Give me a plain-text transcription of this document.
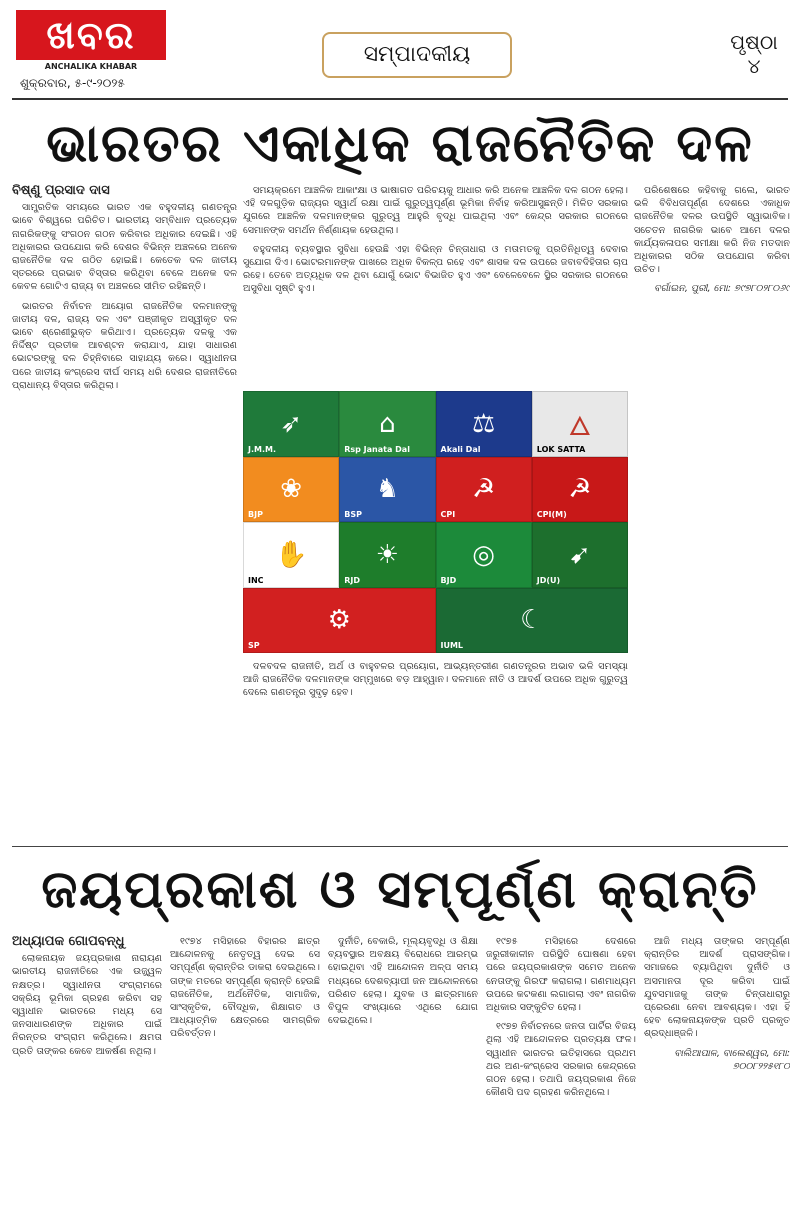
ଖବର
ANCHALIKA KHABAR
ଶୁକ୍ରବାର, ୫-୯-୨୦୨୫
ସମ୍ପାଦକୀୟ	ପୃଷ୍ଠା
୪
ଭାରତର ଏକାଧିକ ରାଜନୈତିକ ଦଳ
ବିଷ୍ଣୁ ପ୍ରସାଦ ଦାସ

ସାମ୍ପ୍ରତିକ ସମୟରେ ଭାରତ ଏକ ବହୁଦଳୀୟ ଗଣତନ୍ତ୍ର ଭାବେ ବିଶ୍ୱରେ ପରିଚିତ। ଭାରତୀୟ ସମ୍ବିଧାନ ପ୍ରତ୍ୟେକ ନାଗରିକଙ୍କୁ ସଂଗଠନ ଗଠନ କରିବାର ଅଧିକାର ଦେଇଛି। ଏହି ଅଧିକାରର ଉପଯୋଗ କରି ଦେଶର ବିଭିନ୍ନ ଅଞ୍ଚଳରେ ଅନେକ ରାଜନୈତିକ ଦଳ ଗଠିତ ହୋଇଛି। କେତେକ ଦଳ ଜାତୀୟ ସ୍ତରରେ ପ୍ରଭାବ ବିସ୍ତାର କରିଥିବା ବେଳେ ଅନେକ ଦଳ କେବଳ ଗୋଟିଏ ରାଜ୍ୟ ବା ଅଞ୍ଚଳରେ ସୀମିତ ରହିଛନ୍ତି।

ଭାରତର ନିର୍ବାଚନ ଆୟୋଗ ରାଜନୈତିକ ଦଳମାନଙ୍କୁ ଜାତୀୟ ଦଳ, ରାଜ୍ୟ ଦଳ ଏବଂ ପଞ୍ଜୀକୃତ ଅସ୍ୱୀକୃତ ଦଳ ଭାବେ ଶ୍ରେଣୀଭୁକ୍ତ କରିଥାଏ। ପ୍ରତ୍ୟେକ ଦଳକୁ ଏକ ନିର୍ଦ୍ଦିଷ୍ଟ ପ୍ରତୀକ ଆବଣ୍ଟନ କରାଯାଏ, ଯାହା ସାଧାରଣ ଭୋଟରଙ୍କୁ ଦଳ ଚିହ୍ନିବାରେ ସାହାଯ୍ୟ କରେ। ସ୍ୱାଧୀନତା ପରେ ଜାତୀୟ କଂଗ୍ରେସ ଦୀର୍ଘ ସମୟ ଧରି ଦେଶର ରାଜନୀତିରେ ପ୍ରାଧାନ୍ୟ ବିସ୍ତାର କରିଥିଲା।

ସମୟକ୍ରମେ ଆଞ୍ଚଳିକ ଆକାଂକ୍ଷା ଓ ଭାଷାଗତ ପରିଚୟକୁ ଆଧାର କରି ଅନେକ ଆଞ୍ଚଳିକ ଦଳ ଗଠନ ହେଲା। ଏହି ଦଳଗୁଡ଼ିକ ରାଜ୍ୟର ସ୍ୱାର୍ଥ ରକ୍ଷା ପାଇଁ ଗୁରୁତ୍ୱପୂର୍ଣ୍ଣ ଭୂମିକା ନିର୍ବାହ କରିଆସୁଛନ୍ତି। ମିଳିତ ସରକାର ଯୁଗରେ ଆଞ୍ଚଳିକ ଦଳମାନଙ୍କର ଗୁରୁତ୍ୱ ଆହୁରି ବୃଦ୍ଧି ପାଇଥିଲା ଏବଂ କେନ୍ଦ୍ର ସରକାର ଗଠନରେ ସେମାନଙ୍କ ସମର୍ଥନ ନିର୍ଣ୍ଣାୟକ ହେଉଥିଲା।

ବହୁଦଳୀୟ ବ୍ୟବସ୍ଥାର ସୁବିଧା ହେଉଛି ଏହା ବିଭିନ୍ନ ଚିନ୍ତାଧାରା ଓ ମତାମତକୁ ପ୍ରତିନିଧିତ୍ୱ ଦେବାର ସୁଯୋଗ ଦିଏ। ଭୋଟରମାନଙ୍କ ପାଖରେ ଅଧିକ ବିକଳ୍ପ ରହେ ଏବଂ ଶାସକ ଦଳ ଉପରେ ଜବାବଦିହିତାର ଚାପ ରହେ। ତେବେ ଅତ୍ୟଧିକ ଦଳ ଥିବା ଯୋଗୁଁ ଭୋଟ ବିଭାଜିତ ହୁଏ ଏବଂ ବେଳେବେଳେ ସ୍ଥିର ସରକାର ଗଠନରେ ଅସୁବିଧା ସୃଷ୍ଟି ହୁଏ।

➶
J.M.M.
⌂
Rsp Janata Dal
⚖
Akali Dal
🜂
LOK SATTA
❀
BJP
♞
BSP
☭
CPI
☭
CPI(M)
✋
INC
☀
RJD
◎
BJD
➹
JD(U)
⚙
SP
☾
IUML

ଦଳବଦଳ ରାଜନୀତି, ଅର୍ଥ ଓ ବାହୁବଳର ପ୍ରୟୋଗ, ଆଭ୍ୟନ୍ତରୀଣ ଗଣତନ୍ତ୍ରର ଅଭାବ ଭଳି ସମସ୍ୟା ଆଜି ରାଜନୈତିକ ଦଳମାନଙ୍କ ସମ୍ମୁଖରେ ବଡ଼ ଆହ୍ୱାନ। ଦଳମାନେ ନୀତି ଓ ଆଦର୍ଶ ଉପରେ ଅଧିକ ଗୁରୁତ୍ୱ ଦେଲେ ଗଣତନ୍ତ୍ର ସୁଦୃଢ଼ ହେବ।

ପରିଶେଷରେ କହିବାକୁ ଗଲେ, ଭାରତ ଭଳି ବିବିଧତାପୂର୍ଣ୍ଣ ଦେଶରେ ଏକାଧିକ ରାଜନୈତିକ ଦଳର ଉପସ୍ଥିତି ସ୍ୱାଭାବିକ। ସଚେତନ ନାଗରିକ ଭାବେ ଆମେ ଦଳର କାର୍ଯ୍ୟକଳାପର ସମୀକ୍ଷା କରି ନିଜ ମତଦାନ ଅଧିକାରର ସଠିକ ଉପଯୋଗ କରିବା ଉଚିତ।

ବର୍ଗାଇନ, ପୁରୀ, ମୋ: ୭୯୭୮୦୨୮୦୬୯
ଜୟପ୍ରକାଶ ଓ ସମ୍ପୂର୍ଣ୍ଣ କ୍ରାନ୍ତି
ଅଧ୍ୟାପକ ଗୋପବନ୍ଧୁ

ଲୋକନାୟକ ଜୟପ୍ରକାଶ ନାରାୟଣ ଭାରତୀୟ ରାଜନୀତିରେ ଏକ ଉଜ୍ଜ୍ୱଳ ନକ୍ଷତ୍ର। ସ୍ୱାଧୀନତା ସଂଗ୍ରାମରେ ସକ୍ରିୟ ଭୂମିକା ଗ୍ରହଣ କରିବା ସହ ସ୍ୱାଧୀନ ଭାରତରେ ମଧ୍ୟ ସେ ଜନସାଧାରଣଙ୍କ ଅଧିକାର ପାଇଁ ନିରନ୍ତର ସଂଗ୍ରାମ କରିଥିଲେ। କ୍ଷମତା ପ୍ରତି ତାଙ୍କର କେବେ ଆକର୍ଷଣ ନଥିଲା।

୧୯୭୪ ମସିହାରେ ବିହାରର ଛାତ୍ର ଆନ୍ଦୋଳନକୁ ନେତୃତ୍ୱ ଦେଇ ସେ ସମ୍ପୂର୍ଣ୍ଣ କ୍ରାନ୍ତିର ଡାକରା ଦେଇଥିଲେ। ତାଙ୍କ ମତରେ ସମ୍ପୂର୍ଣ୍ଣ କ୍ରାନ୍ତି ହେଉଛି ରାଜନୈତିକ, ଅର୍ଥନୈତିକ, ସାମାଜିକ, ସାଂସ୍କୃତିକ, ବୌଦ୍ଧିକ, ଶିକ୍ଷାଗତ ଓ ଆଧ୍ୟାତ୍ମିକ କ୍ଷେତ୍ରରେ ସାମଗ୍ରିକ ପରିବର୍ତ୍ତନ।

ଦୁର୍ନୀତି, ବେକାରି, ମୂଲ୍ୟବୃଦ୍ଧି ଓ ଶିକ୍ଷା ବ୍ୟବସ୍ଥାର ଅବକ୍ଷୟ ବିରୋଧରେ ଆରମ୍ଭ ହୋଇଥିବା ଏହି ଆନ୍ଦୋଳନ ଅଳ୍ପ ସମୟ ମଧ୍ୟରେ ଦେଶବ୍ୟାପୀ ଜନ ଆନ୍ଦୋଳନରେ ପରିଣତ ହେଲା। ଯୁବକ ଓ ଛାତ୍ରମାନେ ବିପୁଳ ସଂଖ୍ୟାରେ ଏଥିରେ ଯୋଗ ଦେଇଥିଲେ।

୧୯୭୫ ମସିହାରେ ଦେଶରେ ଜରୁରୀକାଳୀନ ପରିସ୍ଥିତି ଘୋଷଣା ହେବା ପରେ ଜୟପ୍ରକାଶଙ୍କ ସମେତ ଅନେକ ନେତାଙ୍କୁ ଗିରଫ କରାଗଲା। ଗଣମାଧ୍ୟମ ଉପରେ କଟକଣା ଲଗାଗଲା ଏବଂ ନାଗରିକ ଅଧିକାର ସଙ୍କୁଚିତ ହେଲା।

୧୯୭୭ ନିର୍ବାଚନରେ ଜନତା ପାର୍ଟିର ବିଜୟ ଥିଲା ଏହି ଆନ୍ଦୋଳନର ପ୍ରତ୍ୟକ୍ଷ ଫଳ। ସ୍ୱାଧୀନ ଭାରତର ଇତିହାସରେ ପ୍ରଥମ ଥର ଅଣ-କଂଗ୍ରେସ ସରକାର କେନ୍ଦ୍ରରେ ଗଠନ ହେଲା। ତଥାପି ଜୟପ୍ରକାଶ ନିଜେ କୌଣସି ପଦ ଗ୍ରହଣ କରିନଥିଲେ।

ଆଜି ମଧ୍ୟ ତାଙ୍କର ସମ୍ପୂର୍ଣ୍ଣ କ୍ରାନ୍ତିର ଆଦର୍ଶ ପ୍ରାସଙ୍ଗିକ। ସମାଜରେ ବ୍ୟାପିଥିବା ଦୁର୍ନୀତି ଓ ଅସମାନତା ଦୂର କରିବା ପାଇଁ ଯୁବସମାଜକୁ ତାଙ୍କ ଚିନ୍ତାଧାରାରୁ ପ୍ରେରଣା ନେବା ଆବଶ୍ୟକ। ଏହା ହିଁ ହେବ ଲୋକନାୟକଙ୍କ ପ୍ରତି ପ୍ରକୃତ ଶ୍ରଦ୍ଧାଞ୍ଜଳି।

ବାଲିଆପାଳ, ବାଲେଶ୍ୱର, ମୋ: ୭୦୦୮୨୨୫୧୮୦
